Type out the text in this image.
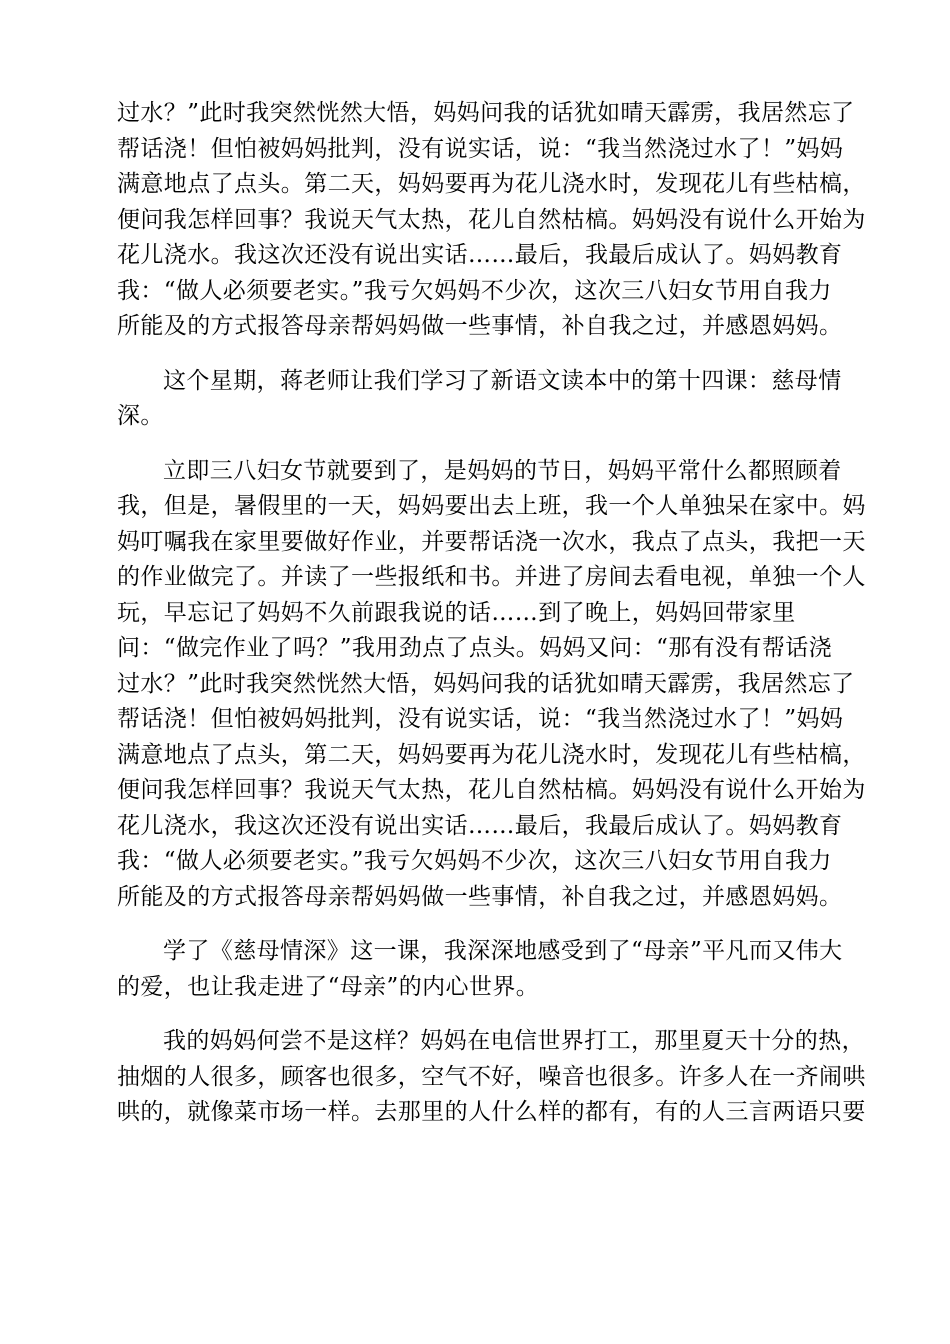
过水？”此时我突然恍然大悟，妈妈问我的话犹如晴天霹雳，我居然忘了
帮话浇！但怕被妈妈批判，没有说实话，说：“我当然浇过水了！”妈妈
满意地点了点头。第二天，妈妈要再为花儿浇水时，发现花儿有些枯槁，
便问我怎样回事？我说天气太热，花儿自然枯槁。妈妈没有说什么开始为
花儿浇水。我这次还没有说出实话……最后，我最后成认了。妈妈教育
我：“做人必须要老实。”我亏欠妈妈不少次，这次三八妇女节用自我力
所能及的方式报答母亲帮妈妈做一些事情，补自我之过，并感恩妈妈。
这个星期，蒋老师让我们学习了新语文读本中的第十四课：慈母情
深。
立即三八妇女节就要到了，是妈妈的节日，妈妈平常什么都照顾着
我，但是，暑假里的一天，妈妈要出去上班，我一个人单独呆在家中。妈
妈叮嘱我在家里要做好作业，并要帮话浇一次水，我点了点头，我把一天
的作业做完了。并读了一些报纸和书。并进了房间去看电视，单独一个人
玩，早忘记了妈妈不久前跟我说的话……到了晚上，妈妈回带家里
问：“做完作业了吗？”我用劲点了点头。妈妈又问：“那有没有帮话浇
过水？”此时我突然恍然大悟，妈妈问我的话犹如晴天霹雳，我居然忘了
帮话浇！但怕被妈妈批判，没有说实话，说：“我当然浇过水了！”妈妈
满意地点了点头，第二天，妈妈要再为花儿浇水时，发现花儿有些枯槁，
便问我怎样回事？我说天气太热，花儿自然枯槁。妈妈没有说什么开始为
花儿浇水，我这次还没有说出实话……最后，我最后成认了。妈妈教育
我：“做人必须要老实。”我亏欠妈妈不少次，这次三八妇女节用自我力
所能及的方式报答母亲帮妈妈做一些事情，补自我之过，并感恩妈妈。
学了《慈母情深》这一课，我深深地感受到了“母亲”平凡而又伟大
的爱，也让我走进了“母亲”的内心世界。
我的妈妈何尝不是这样？妈妈在电信世界打工，那里夏天十分的热，
抽烟的人很多，顾客也很多，空气不好，噪音也很多。许多人在一齐闹哄
哄的，就像菜市场一样。去那里的人什么样的都有，有的人三言两语只要
